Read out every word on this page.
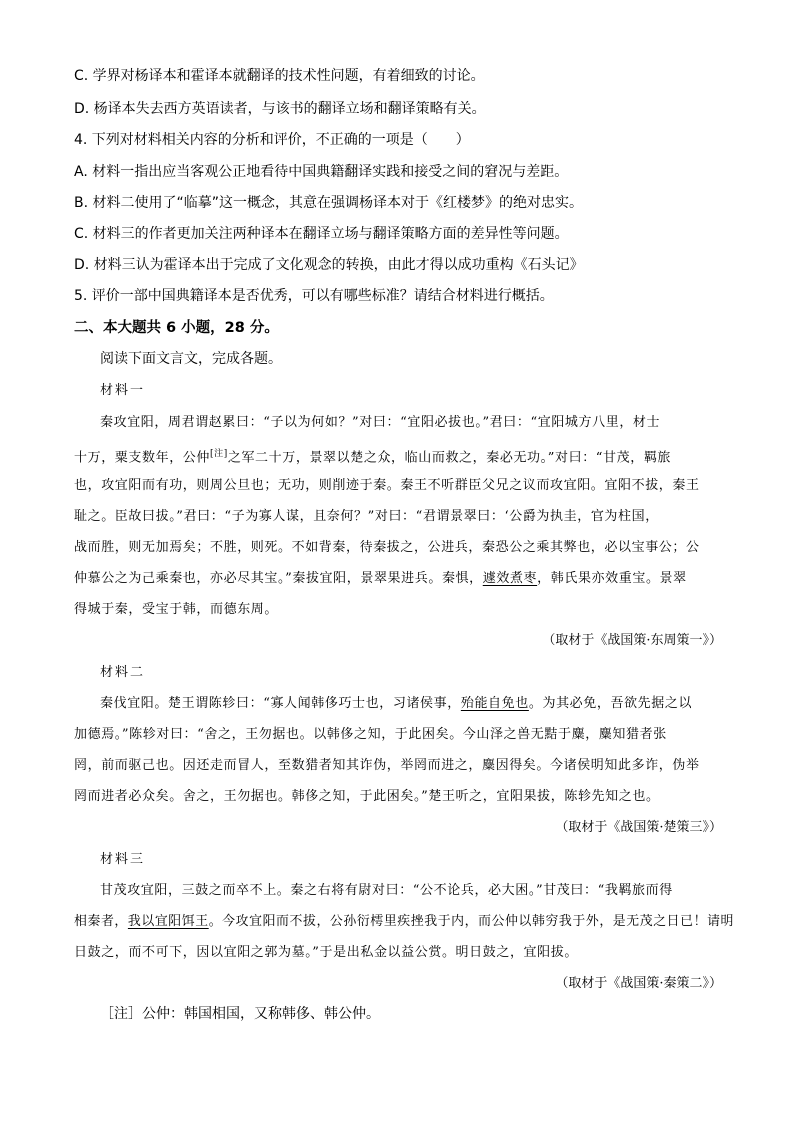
C. 学界对杨译本和霍译本就翻译的技术性问题，有着细致的讨论。
D. 杨译本失去西方英语读者，与该书的翻译立场和翻译策略有关。
4. 下列对材料相关内容的分析和评价，不正确的一项是（　　）
A. 材料一指出应当客观公正地看待中国典籍翻译实践和接受之间的窘况与差距。
B. 材料二使用了“临摹”这一概念，其意在强调杨译本对于《红楼梦》的绝对忠实。
C. 材料三的作者更加关注两种译本在翻译立场与翻译策略方面的差异性等问题。
D. 材料三认为霍译本出于完成了文化观念的转换，由此才得以成功重构《石头记》
5. 评价一部中国典籍译本是否优秀，可以有哪些标准？请结合材料进行概括。
二、本大题共 6 小题，28 分。
阅读下面文言文，完成各题。
材料一
秦攻宜阳，周君谓赵累曰：“子以为何如？”对曰：“宜阳必拔也。”君曰：“宜阳城方八里，材士
十万，粟支数年，公仲[注]之军二十万，景翠以楚之众，临山而救之，秦必无功。”对曰：“甘茂，羁旅
也，攻宜阳而有功，则周公旦也；无功，则削迹于秦。秦王不听群臣父兄之议而攻宜阳。宜阳不拔，秦王
耻之。臣故曰拔。”君曰：“子为寡人谋，且奈何？”对曰：“君谓景翠曰：‘公爵为执圭，官为柱国，
战而胜，则无加焉矣；不胜，则死。不如背秦，待秦拔之，公进兵，秦恐公之乘其弊也，必以宝事公；公
仲慕公之为己乘秦也，亦必尽其宝。”秦拔宜阳，景翠果进兵。秦惧，遽效煮枣，韩氏果亦效重宝。景翠
得城于秦，受宝于韩，而德东周。
（取材于《战国策·东周策一》）
材料二
秦伐宜阳。楚王谓陈轸曰：“寡人闻韩侈巧士也，习诸侯事，殆能自免也。为其必免，吾欲先据之以
加德焉。”陈轸对曰：“舍之，王勿据也。以韩侈之知，于此困矣。今山泽之兽无黠于麋，麋知猎者张
罔，前而驱己也。因还走而冒人，至数猎者知其诈伪，举罔而进之，麋因得矣。今诸侯明知此多诈，伪举
罔而进者必众矣。舍之，王勿据也。韩侈之知，于此困矣。”楚王听之，宜阳果拔，陈轸先知之也。
（取材于《战国策·楚策三》）
材料三
甘茂攻宜阳，三鼓之而卒不上。秦之右将有尉对曰：“公不论兵，必大困。”甘茂曰：“我羁旅而得
相秦者，我以宜阳饵王。今攻宜阳而不拔，公孙衍樗里疾挫我于内，而公仲以韩穷我于外，是无茂之日已！请明
日鼓之，而不可下，因以宜阳之郭为墓。”于是出私金以益公赏。明日鼓之，宜阳拔。
（取材于《战国策·秦策二》）
［注］公仲：韩国相国，又称韩侈、韩公仲。
